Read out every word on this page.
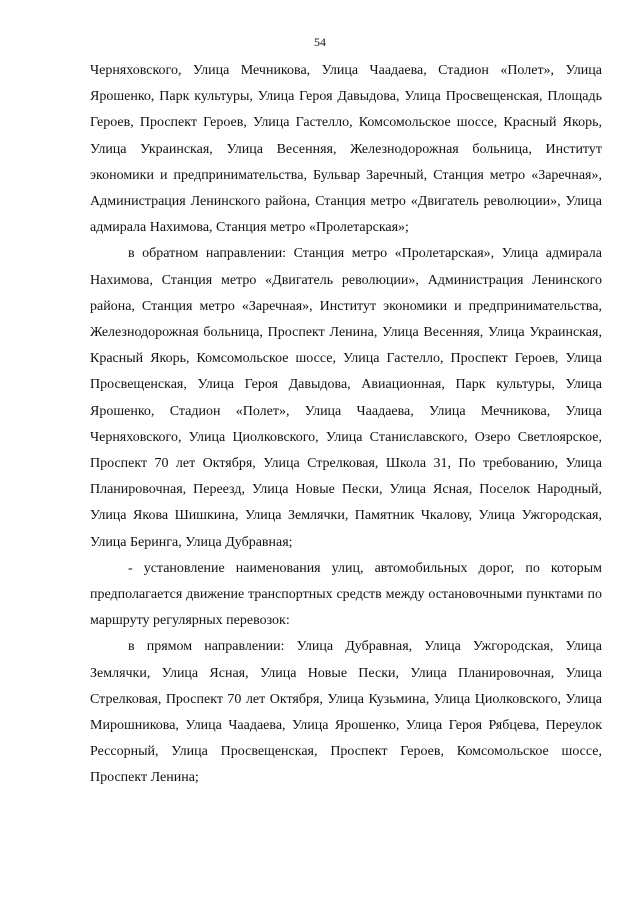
54

Черняховского, Улица Мечникова, Улица Чаадаева, Стадион «Полет», Улица Ярошенко, Парк культуры, Улица Героя Давыдова, Улица Просвещенская, Площадь Героев, Проспект Героев, Улица Гастелло, Комсомольское шоссе, Красный Якорь, Улица Украинская, Улица Весенняя, Железнодорожная больница, Институт экономики и предпринимательства, Бульвар Заречный, Станция метро «Заречная», Администрация Ленинского района, Станция метро «Двигатель революции», Улица адмирала Нахимова, Станция метро «Пролетарская»;

в обратном направлении: Станция метро «Пролетарская», Улица адмирала Нахимова, Станция метро «Двигатель революции», Администрация Ленинского района, Станция метро «Заречная», Институт экономики и предпринимательства, Железнодорожная больница, Проспект Ленина, Улица Весенняя, Улица Украинская, Красный Якорь, Комсомольское шоссе, Улица Гастелло, Проспект Героев, Улица Просвещенская, Улица Героя Давыдова, Авиационная, Парк культуры, Улица Ярошенко, Стадион «Полет», Улица Чаадаева, Улица Мечникова, Улица Черняховского, Улица Циолковского, Улица Станиславского, Озеро Светлоярское, Проспект 70 лет Октября, Улица Стрелковая, Школа 31, По требованию, Улица Планировочная, Переезд, Улица Новые Пески, Улица Ясная, Поселок Народный, Улица Якова Шишкина, Улица Землячки, Памятник Чкалову, Улица Ужгородская, Улица Беринга, Улица Дубравная;

- установление наименования улиц, автомобильных дорог, по которым предполагается движение транспортных средств между остановочными пунктами по маршруту регулярных перевозок:

в прямом направлении: Улица Дубравная, Улица Ужгородская, Улица Землячки, Улица Ясная, Улица Новые Пески, Улица Планировочная, Улица Стрелковая, Проспект 70 лет Октября, Улица Кузьмина, Улица Циолковского, Улица Мирошникова, Улица Чаадаева, Улица Ярошенко, Улица Героя Рябцева, Переулок Рессорный, Улица Просвещенская, Проспект Героев, Комсомольское шоссе, Проспект Ленина;
